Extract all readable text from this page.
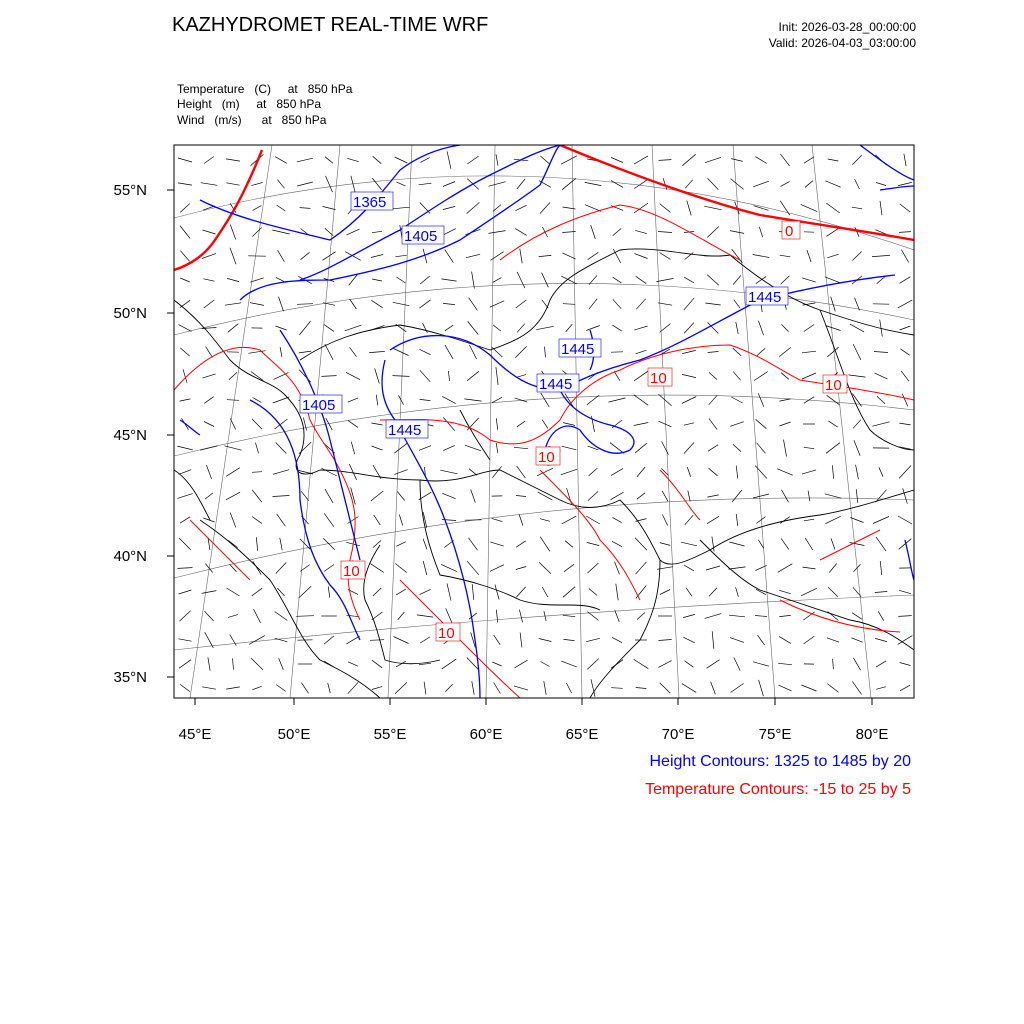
KAZHYDROMET REAL-TIME WRF	Init: 2026-03-28_00:00:00
Valid: 2026-04-03_03:00:00
Temperature   (C)     at   850 hPa
Height   (m)     at   850 hPa
Wind   (m/s)      at   850 hPa
1365
1405
1445
1445
1445
1405
1445
0
10	10
10
10
10
55°N
50°N
45°N
40°N
35°N
45°E	50°E	55°E	60°E	65°E	70°E	75°E	80°E
Height Contours: 1325 to 1485 by 20
Temperature Contours: -15 to 25 by 5
